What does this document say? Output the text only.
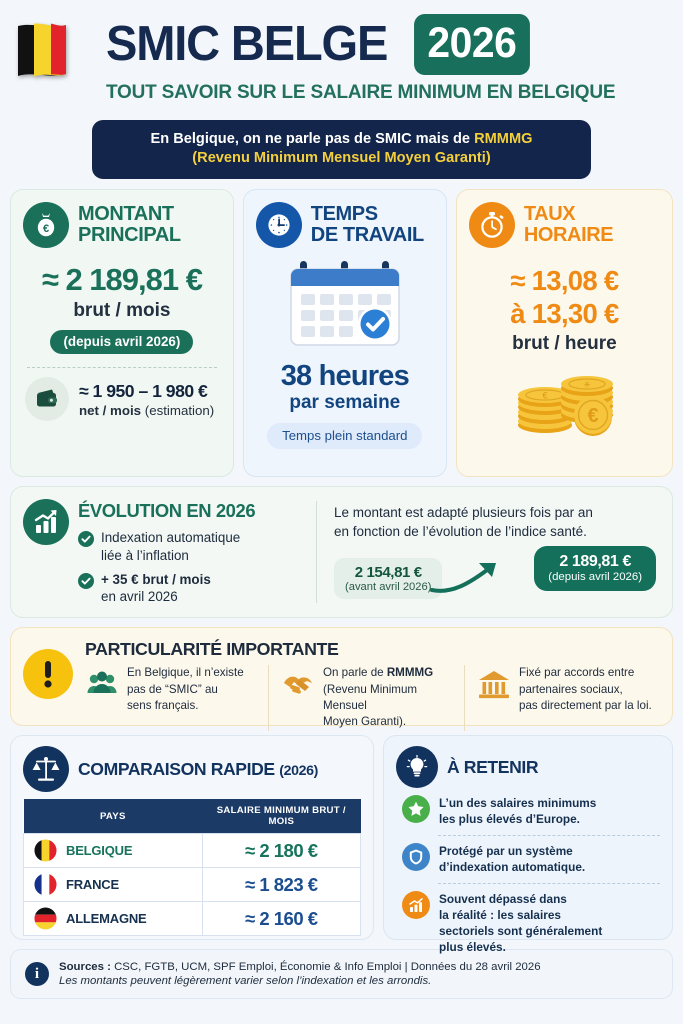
SMIC BELGE 2026
TOUT SAVOIR SUR LE SALAIRE MINIMUM EN BELGIQUE
En Belgique, on ne parle pas de SMIC mais de RMMMG
(Revenu Minimum Mensuel Moyen Garanti)
€
MONTANT
PRINCIPAL
≈ 2 189,81 €
brut / mois
(depuis avril 2026)
≈ 1 950 – 1 980 €
net / mois (estimation)
TEMPS
DE TRAVAIL
38 heures
par semaine
Temps plein standard
TAUX
HORAIRE
≈ 13,08 €
à 13,30 €
brut / heure
€
✳
€
ÉVOLUTION EN 2026
Indexation automatique
liée à l’inflation
+ 35 € brut / mois
en avril 2026
Le montant est adapté plusieurs fois par an
en fonction de l’évolution de l’indice santé.
2 154,81 €
(avant avril 2026)
2 189,81 €
(depuis avril 2026)
PARTICULARITÉ IMPORTANTE
En Belgique, il n’existe
pas de “SMIC” au
sens français.
On parle de RMMMG
(Revenu Minimum Mensuel
Moyen Garanti).
Fixé par accords entre
partenaires sociaux,
pas directement par la loi.
COMPARAISON RAPIDE (2026)
PAYS	SALAIRE MINIMUM BRUT / MOIS

BELGIQUE	≈ 2 180 €

FRANCE	≈ 1 823 €

ALLEMAGNE	≈ 2 160 €
À RETENIR
L’un des salaires minimums
les plus élevés d’Europe.
Protégé par un système
d’indexation automatique.
Souvent dépassé dans
la réalité : les salaires
sectoriels sont généralement
plus élevés.
i	Sources : CSC, FGTB, UCM, SPF Emploi, Économie & Info Emploi | Données du 28 avril 2026
Les montants peuvent légèrement varier selon l’indexation et les arrondis.
